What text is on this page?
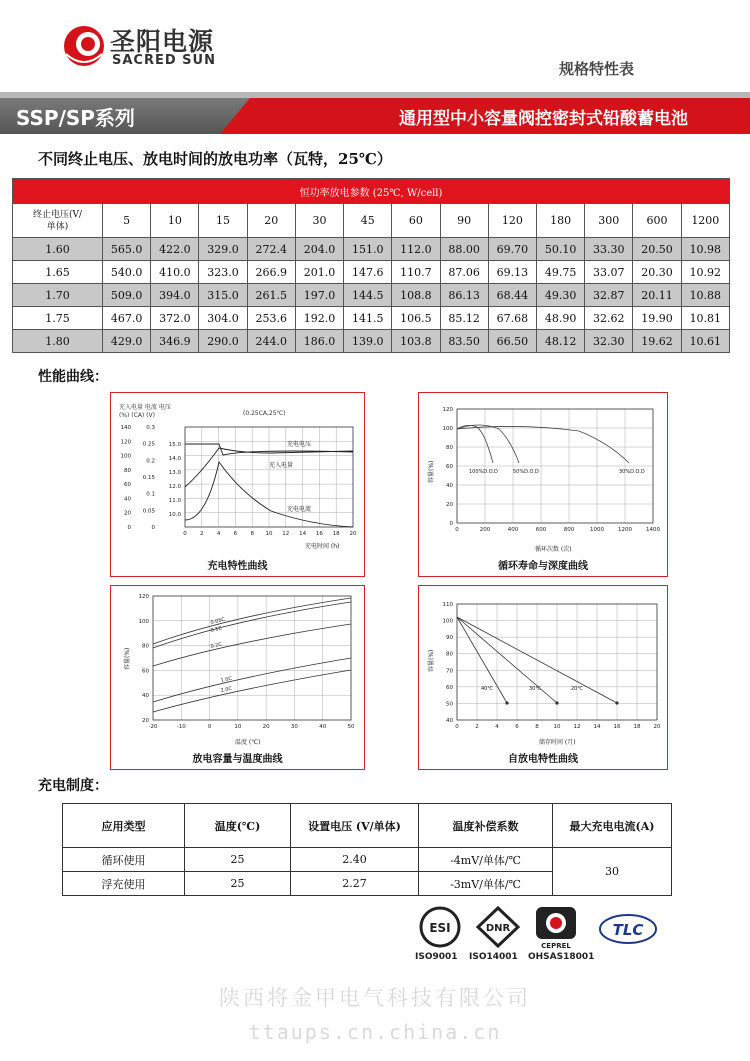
圣阳电源
SACRED SUN	规格特性表
SSP/SP系列	通用型中小容量阀控密封式铅酸蓄电池
不同终止电压、放电时间的放电功率（瓦特，25℃）
恒功率放电参数 (25℃, W/cell)													
终止电压(V/
单体)	5	10	15	20	30	45	60	90	120	180	300	600	1200
1.60	565.0	422.0	329.0	272.4	204.0	151.0	112.0	88.00	69.70	50.10	33.30	20.50	10.98
1.65	540.0	410.0	323.0	266.9	201.0	147.6	110.7	87.06	69.13	49.75	33.07	20.30	10.92
1.70	509.0	394.0	315.0	261.5	197.0	144.5	108.8	86.13	68.44	49.30	32.87	20.11	10.88
1.75	467.0	372.0	304.0	253.6	192.0	141.5	106.5	85.12	67.68	48.90	32.62	19.90	10.81
1.80	429.0	346.9	290.0	244.0	186.0	139.0	103.8	83.50	66.50	48.12	32.30	19.62	10.61
性能曲线：
充入电量 电流 电压
(%) (CA) (V)	(0.25CA,25℃)
0 2 4 6 8 10 12 14 16 18 20
140
120
100
80
60
40
20
0
0.3
0.25
0.2
0.15
0.1
0.05
0
15.0
14.0
13.0
12.0
11.0
10.0
充电电压
充入电量
充电电流
充电时间 (h)
充电特性曲线
0	200	400	600	800	1000	1200	1400
120
100
80
60
40
20
0
100%D.O.D	50%D.O.D	30%D.O.D
循环次数 (次)
容量(%)
循环寿命与深度曲线
-20	-10	0	10	20	30	40	50
120
100
80
60
40
20
0.05C
0.1C
0.2C
1.0C
2.0C
温度 (℃)
容量(%)
放电容量与温度曲线
0	2	4	6	8	10 12 14 16 18 20
110
100
90
80
70
60
50
40
40℃	30℃	20℃
储存时间 (月)
容量(%)
自放电特性曲线
充电制度：
应用类型	温度(℃)	设置电压 (V/单体)	温度补偿系数	最大充电电流(A)
循环使用	25	2.40	-4mV/单体/℃	30
浮充使用	25	2.27	-3mV/单体/℃	
ESI	DNR
CEPREL
TLC
ISO9001 ISO14001 OHSAS18001
陕西将金甲电气科技有限公司
ttaups.cn.china.cn
